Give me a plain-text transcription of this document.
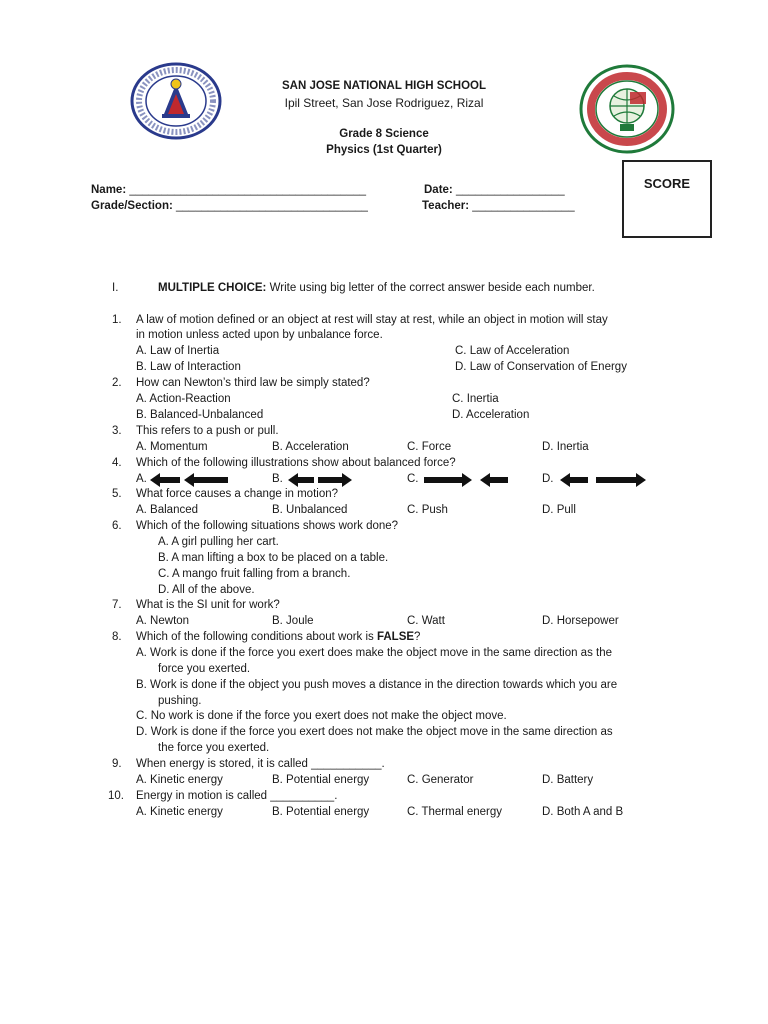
SAN JOSE NATIONAL HIGH SCHOOL
Ipil Street, San Jose Rodriguez, Rizal
Grade 8 Science
Physics (1st Quarter)
SCORE
Name: _____________________________________	Date: _________________
Grade/Section: ______________________________	Teacher: ________________
I.	MULTIPLE CHOICE: Write using big letter of the correct answer beside each number.
1. A law of motion defined or an object at rest will stay at rest, while an object in motion will stay
in motion unless acted upon by unbalance force.
A. Law of Inertia
B. Law of Interaction
C. Law of Acceleration
D. Law of Conservation of Energy
2. How can Newton’s third law be simply stated?
A. Action-Reaction
B. Balanced-Unbalanced
C. Inertia
D. Acceleration
3. This refers to a push or pull.
A. Momentum	B. Acceleration	C. Force	D. Inertia
4. Which of the following illustrations show about balanced force?
A.	B.	C.	D.
5. What force causes a change in motion?
A. Balanced	B. Unbalanced	C. Push	D. Pull
6. Which of the following situations shows work done?
A. A girl pulling her cart.
B. A man lifting a box to be placed on a table.
C. A mango fruit falling from a branch.
D. All of the above.
7. What is the SI unit for work?
A. Newton	B. Joule	C. Watt	D. Horsepower
8. Which of the following conditions about work is FALSE?
A. Work is done if the force you exert does make the object move in the same direction as the
force you exerted.
B. Work is done if the object you push moves a distance in the direction towards which you are
pushing.
C. No work is done if the force you exert does not make the object move.
D. Work is done if the force you exert does not make the object move in the same direction as
the force you exerted.
9. When energy is stored, it is called ___________.
A. Kinetic energy	B. Potential energy	C. Generator	D. Battery
10. Energy in motion is called __________.
A. Kinetic energy	B. Potential energy	C. Thermal energy	D. Both A and B
